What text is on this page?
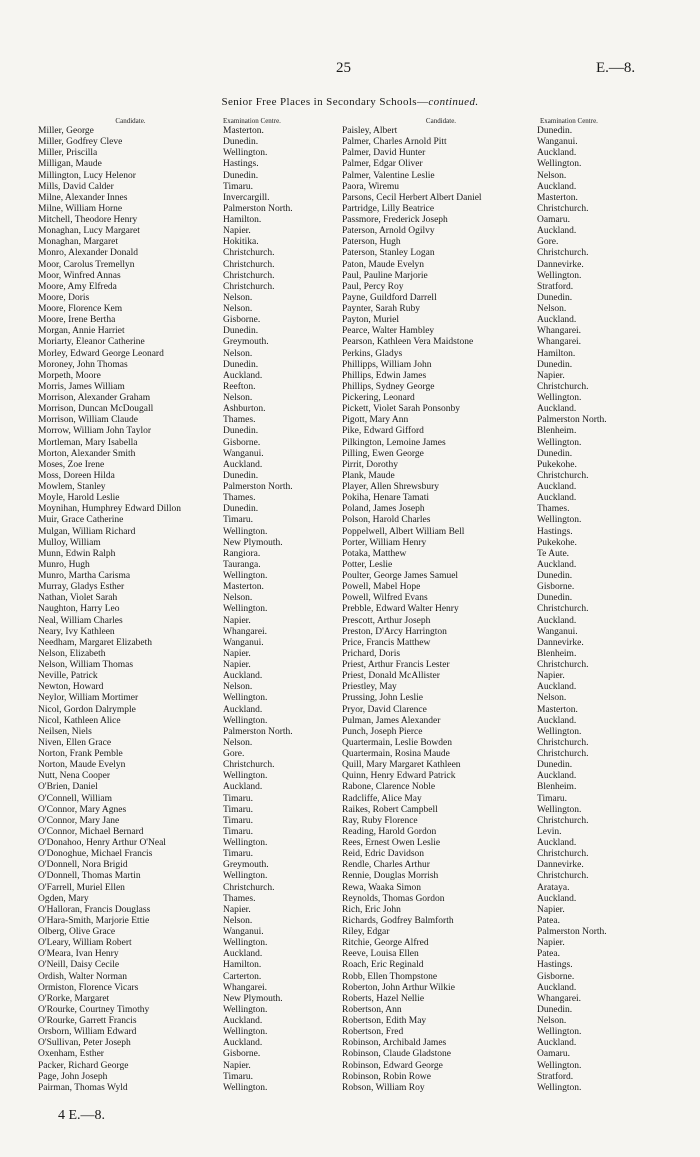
25	E.—8.
Senior Free Places in Secondary Schools—continued.
Candidate.	Examination Centre.
Miller, George	Masterton.
Miller, Godfrey Cleve	Dunedin.
Miller, Priscilla	Wellington.
Milligan, Maude	Hastings.
Millington, Lucy Helenor	Dunedin.
Mills, David Calder	Timaru.
Milne, Alexander Innes	Invercargill.
Milne, William Horne	Palmerston North.
Mitchell, Theodore Henry	Hamilton.
Monaghan, Lucy Margaret	Napier.
Monaghan, Margaret	Hokitika.
Monro, Alexander Donald	Christchurch.
Moor, Carolus Tremellyn	Christchurch.
Moor, Winfred Annas	Christchurch.
Moore, Amy Elfreda	Christchurch.
Moore, Doris	Nelson.
Moore, Florence Kem	Nelson.
Moore, Irene Bertha	Gisborne.
Morgan, Annie Harriet	Dunedin.
Moriarty, Eleanor Catherine	Greymouth.
Morley, Edward George Leonard	Nelson.
Moroney, John Thomas	Dunedin.
Morpeth, Moore	Auckland.
Morris, James William	Reefton.
Morrison, Alexander Graham	Nelson.
Morrison, Duncan McDougall	Ashburton.
Morrison, William Claude	Thames.
Morrow, William John Taylor	Dunedin.
Mortleman, Mary Isabella	Gisborne.
Morton, Alexander Smith	Wanganui.
Moses, Zoe Irene	Auckland.
Moss, Doreen Hilda	Dunedin.
Mowlem, Stanley	Palmerston North.
Moyle, Harold Leslie	Thames.
Moynihan, Humphrey Edward Dillon	Dunedin.
Muir, Grace Catherine	Timaru.
Mulgan, William Richard	Wellington.
Mulloy, William	New Plymouth.
Munn, Edwin Ralph	Rangiora.
Munro, Hugh	Tauranga.
Munro, Martha Carisma	Wellington.
Murray, Gladys Esther	Masterton.
Nathan, Violet Sarah	Nelson.
Naughton, Harry Leo	Wellington.
Neal, William Charles	Napier.
Neary, Ivy Kathleen	Whangarei.
Needham, Margaret Elizabeth	Wanganui.
Nelson, Elizabeth	Napier.
Nelson, William Thomas	Napier.
Neville, Patrick	Auckland.
Newton, Howard	Nelson.
Neylor, William Mortimer	Wellington.
Nicol, Gordon Dalrymple	Auckland.
Nicol, Kathleen Alice	Wellington.
Neilsen, Niels	Palmerston North.
Niven, Ellen Grace	Nelson.
Norton, Frank Pemble	Gore.
Norton, Maude Evelyn	Christchurch.
Nutt, Nena Cooper	Wellington.
O'Brien, Daniel	Auckland.
O'Connell, William	Timaru.
O'Connor, Mary Agnes	Timaru.
O'Connor, Mary Jane	Timaru.
O'Connor, Michael Bernard	Timaru.
O'Donahoo, Henry Arthur O'Neal	Wellington.
O'Donoghue, Michael Francis	Timaru.
O'Donnell, Nora Brigid	Greymouth.
O'Donnell, Thomas Martin	Wellington.
O'Farrell, Muriel Ellen	Christchurch.
Ogden, Mary	Thames.
O'Halloran, Francis Douglass	Napier.
O'Hara-Smith, Marjorie Ettie	Nelson.
Olberg, Olive Grace	Wanganui.
O'Leary, William Robert	Wellington.
O'Meara, Ivan Henry	Auckland.
O'Neill, Daisy Cecile	Hamilton.
Ordish, Walter Norman	Carterton.
Ormiston, Florence Vicars	Whangarei.
O'Rorke, Margaret	New Plymouth.
O'Rourke, Courtney Timothy	Wellington.
O'Rourke, Garrett Francis	Auckland.
Orsborn, William Edward	Wellington.
O'Sullivan, Peter Joseph	Auckland.
Oxenham, Esther	Gisborne.
Packer, Richard George	Napier.
Page, John Joseph	Timaru.
Pairman, Thomas Wyld	Wellington.
Candidate.	Examination Centre.
Paisley, Albert	Dunedin.
Palmer, Charles Arnold Pitt	Wanganui.
Palmer, David Hunter	Auckland.
Palmer, Edgar Oliver	Wellington.
Palmer, Valentine Leslie	Nelson.
Paora, Wiremu	Auckland.
Parsons, Cecil Herbert Albert Daniel	Masterton.
Partridge, Lilly Beatrice	Christchurch.
Passmore, Frederick Joseph	Oamaru.
Paterson, Arnold Ogilvy	Auckland.
Paterson, Hugh	Gore.
Paterson, Stanley Logan	Christchurch.
Paton, Maude Evelyn	Dannevirke.
Paul, Pauline Marjorie	Wellington.
Paul, Percy Roy	Stratford.
Payne, Guildford Darrell	Dunedin.
Paynter, Sarah Ruby	Nelson.
Payton, Muriel	Auckland.
Pearce, Walter Hambley	Whangarei.
Pearson, Kathleen Vera Maidstone	Whangarei.
Perkins, Gladys	Hamilton.
Phillipps, William John	Dunedin.
Phillips, Edwin James	Napier.
Phillips, Sydney George	Christchurch.
Pickering, Leonard	Wellington.
Pickett, Violet Sarah Ponsonby	Auckland.
Pigott, Mary Ann	Palmerston North.
Pike, Edward Gifford	Blenheim.
Pilkington, Lemoine James	Wellington.
Pilling, Ewen George	Dunedin.
Pirrit, Dorothy	Pukekohe.
Plank, Maude	Christchurch.
Player, Allen Shrewsbury	Auckland.
Pokiha, Henare Tamati	Auckland.
Poland, James Joseph	Thames.
Polson, Harold Charles	Wellington.
Poppelwell, Albert William Bell	Hastings.
Porter, William Henry	Pukekohe.
Potaka, Matthew	Te Aute.
Potter, Leslie	Auckland.
Poulter, George James Samuel	Dunedin.
Powell, Mabel Hope	Gisborne.
Powell, Wilfred Evans	Dunedin.
Prebble, Edward Walter Henry	Christchurch.
Prescott, Arthur Joseph	Auckland.
Preston, D'Arcy Harrington	Wanganui.
Price, Francis Matthew	Dannevirke.
Prichard, Doris	Blenheim.
Priest, Arthur Francis Lester	Christchurch.
Priest, Donald McAllister	Napier.
Priestley, May	Auckland.
Prussing, John Leslie	Nelson.
Pryor, David Clarence	Masterton.
Pulman, James Alexander	Auckland.
Punch, Joseph Pierce	Wellington.
Quartermain, Leslie Bowden	Christchurch.
Quartermain, Rosina Maude	Christchurch.
Quill, Mary Margaret Kathleen	Dunedin.
Quinn, Henry Edward Patrick	Auckland.
Rabone, Clarence Noble	Blenheim.
Radcliffe, Alice May	Timaru.
Raikes, Robert Campbell	Wellington.
Ray, Ruby Florence	Christchurch.
Reading, Harold Gordon	Levin.
Rees, Ernest Owen Leslie	Auckland.
Reid, Edric Davidson	Christchurch.
Rendle, Charles Arthur	Dannevirke.
Rennie, Douglas Morrish	Christchurch.
Rewa, Waaka Simon	Arataya.
Reynolds, Thomas Gordon	Auckland.
Rich, Eric John	Napier.
Richards, Godfrey Balmforth	Patea.
Riley, Edgar	Palmerston North.
Ritchie, George Alfred	Napier.
Reeve, Louisa Ellen	Patea.
Roach, Eric Reginald	Hastings.
Robb, Ellen Thompstone	Gisborne.
Roberton, John Arthur Wilkie	Auckland.
Roberts, Hazel Nellie	Whangarei.
Robertson, Ann	Dunedin.
Robertson, Edith May	Nelson.
Robertson, Fred	Wellington.
Robinson, Archibald James	Auckland.
Robinson, Claude Gladstone	Oamaru.
Robinson, Edward George	Wellington.
Robinson, Robin Rowe	Stratford.
Robson, William Roy	Wellington.
4 E.—8.
